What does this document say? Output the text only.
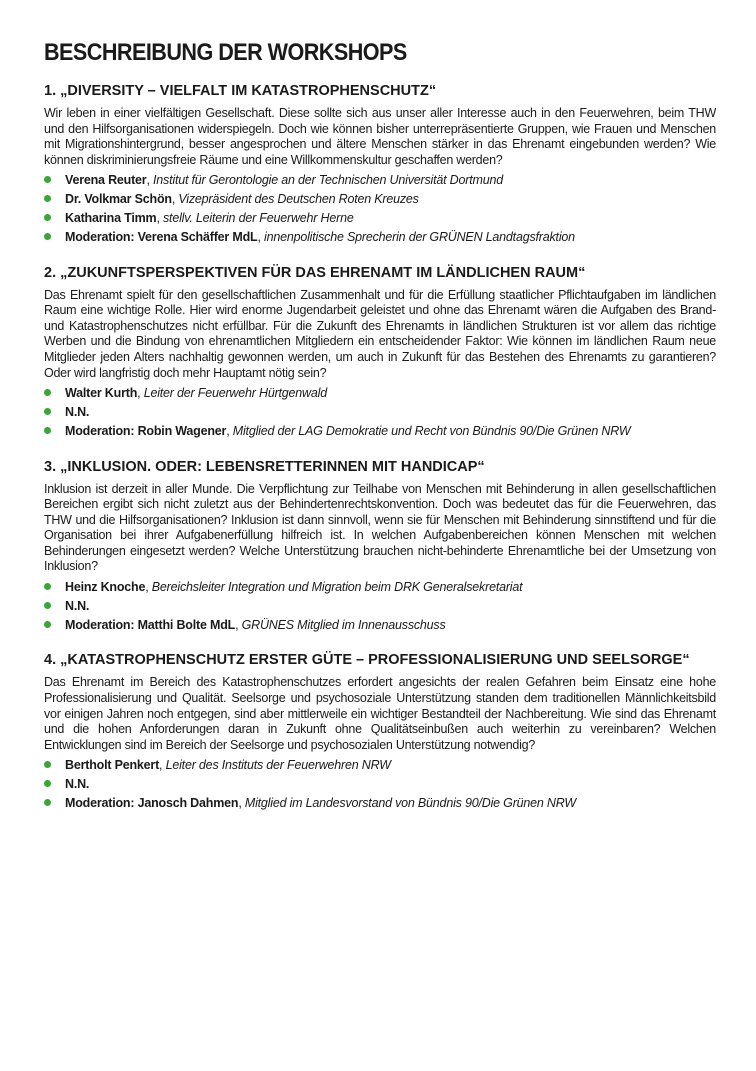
BESCHREIBUNG DER WORKSHOPS
1. „DIVERSITY – VIELFALT IM KATASTROPHENSCHUTZ“

Wir leben in einer vielfältigen Gesellschaft. Diese sollte sich aus unser aller Interesse auch in den Feuerwehren, beim THW und den Hilfsorganisationen widerspiegeln. Doch wie können bisher unterrepräsentierte Gruppen, wie Frauen und Menschen mit Migrationshintergrund, besser angesprochen und ältere Menschen stärker in das Ehrenamt eingebunden werden? Wie können diskriminierungsfreie Räume und eine Willkommenskultur geschaffen werden?

Verena Reuter, Institut für Gerontologie an der Technischen Universität Dortmund
Dr. Volkmar Schön, Vizepräsident des Deutschen Roten Kreuzes
Katharina Timm, stellv. Leiterin der Feuerwehr Herne
Moderation: Verena Schäffer MdL, innenpolitische Sprecherin der GRÜNEN Landtagsfraktion
2. „ZUKUNFTSPERSPEKTIVEN FÜR DAS EHRENAMT IM LÄNDLICHEN RAUM“

Das Ehrenamt spielt für den gesellschaftlichen Zusammenhalt und für die Erfüllung staatlicher Pflichtaufgaben im ländlichen Raum eine wichtige Rolle. Hier wird enorme Jugendarbeit geleistet und ohne das Ehrenamt wären die Aufgaben des Brand- und Katastrophenschutzes nicht erfüllbar. Für die Zukunft des Ehrenamts in ländlichen Strukturen ist vor allem das richtige Werben und die Bindung von ehrenamtlichen Mitgliedern ein entscheidender Faktor: Wie können im ländlichen Raum neue Mitglieder jeden Alters nachhaltig gewonnen werden, um auch in Zukunft für das Bestehen des Ehrenamts zu garantieren? Oder wird langfristig doch mehr Hauptamt nötig sein?

Walter Kurth, Leiter der Feuerwehr Hürtgenwald
N.N.
Moderation: Robin Wagener, Mitglied der LAG Demokratie und Recht von Bündnis 90/Die Grünen NRW
3. „INKLUSION. ODER: LEBENSRETTERINNEN MIT HANDICAP“

Inklusion ist derzeit in aller Munde. Die Verpflichtung zur Teilhabe von Menschen mit Behinderung in allen gesellschaftlichen Bereichen ergibt sich nicht zuletzt aus der Behindertenrechtskonvention. Doch was bedeutet das für die Feuerwehren, das THW und die Hilfsorganisationen? Inklusion ist dann sinnvoll, wenn sie für Menschen mit Behinderung sinnstiftend und für die Organisation bei ihrer Aufgabenerfüllung hilfreich ist. In welchen Aufgabenbereichen können Menschen mit welchen Behinderungen eingesetzt werden? Welche Unterstützung brauchen nicht-behinderte Ehrenamtliche bei der Umsetzung von Inklusion?

Heinz Knoche, Bereichsleiter Integration und Migration beim DRK Generalsekretariat
N.N.
Moderation: Matthi Bolte MdL, GRÜNES Mitglied im Innenausschuss
4. „KATASTROPHENSCHUTZ ERSTER GÜTE – PROFESSIONALISIERUNG UND SEELSORGE“

Das Ehrenamt im Bereich des Katastrophenschutzes erfordert angesichts der realen Gefahren beim Einsatz eine hohe Professionalisierung und Qualität. Seelsorge und psychosoziale Unterstützung standen dem traditionellen Männlichkeitsbild vor einigen Jahren noch entgegen, sind aber mittlerweile ein wichtiger Bestandteil der Nachbereitung. Wie sind das Ehrenamt und die hohen Anforderungen daran in Zukunft ohne Qualitätseinbußen auch weiterhin zu vereinbaren? Welchen Entwicklungen sind im Bereich der Seelsorge und psychosozialen Unterstützung notwendig?

Bertholt Penkert, Leiter des Instituts der Feuerwehren NRW
N.N.
Moderation: Janosch Dahmen, Mitglied im Landesvorstand von Bündnis 90/Die Grünen NRW
